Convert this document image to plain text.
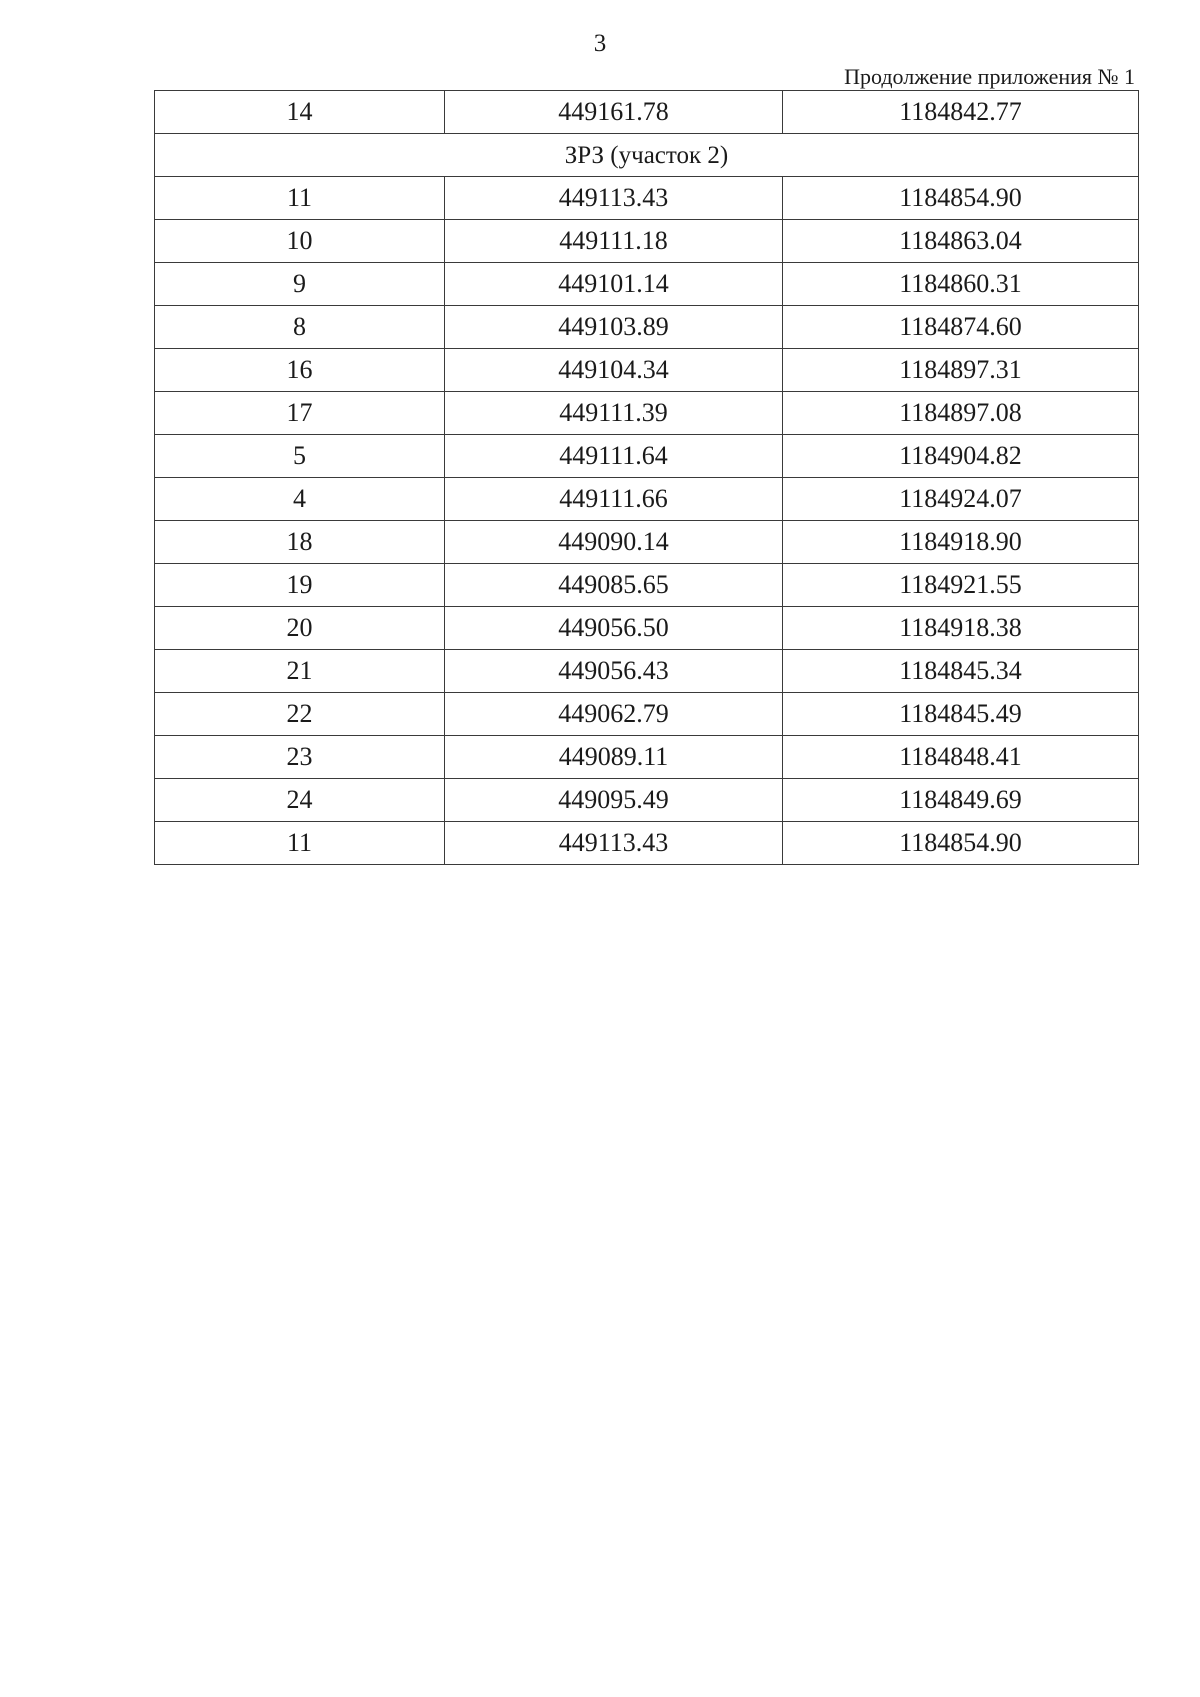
3
Продолжение приложения № 1
14	449161.78	1184842.77
ЗРЗ (участок 2)		
11	449113.43	1184854.90
10	449111.18	1184863.04
9	449101.14	1184860.31
8	449103.89	1184874.60
16	449104.34	1184897.31
17	449111.39	1184897.08
5	449111.64	1184904.82
4	449111.66	1184924.07
18	449090.14	1184918.90
19	449085.65	1184921.55
20	449056.50	1184918.38
21	449056.43	1184845.34
22	449062.79	1184845.49
23	449089.11	1184848.41
24	449095.49	1184849.69
11	449113.43	1184854.90
